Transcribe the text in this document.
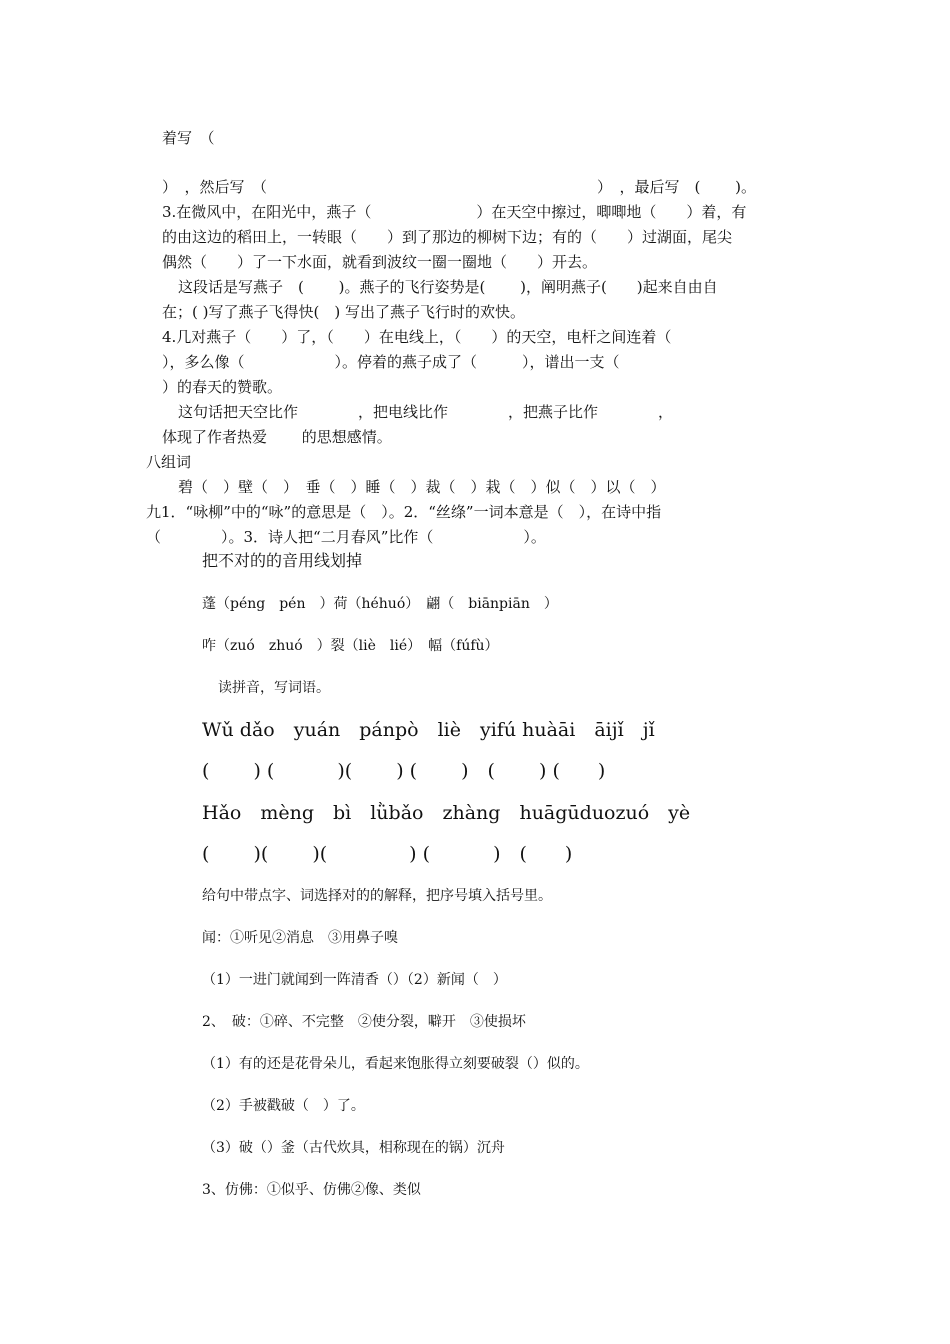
着写　（
）　，然后写　（　　　　　　　　　　　　　　　　　　　　　　）　，最后写　(　　 )。
3.在微风中，在阳光中，燕子（　　　　　　　）在天空中擦过，唧唧地（　　）着，有
的由这边的稻田上，一转眼（　　）到了那边的柳树下边；有的（　　）过湖面，尾尖
偶然（　　）了一下水面，就看到波纹一圈一圈地（　　）开去。
这段话是写燕子　(　　 )。燕子的飞行姿势是(　　 )，阐明燕子(　　)起来自由自
在；( )写了燕子飞得快(　) 写出了燕子飞行时的欢快。
4.几对燕子（　　）了，（　　）在电线上，（　　）的天空，电杆之间连着（
），多么像（　　　　　　）。停着的燕子成了（　　　），谱出一支（
）的春天的赞歌。
这句话把天空比作　　　　，把电线比作　　　　，把燕子比作　　　　，
体现了作者热爱　　 的思想感情。
八组词
碧（　）壁（　）　垂（　）睡（　）裁（　）栽（　）似（　）以（　）
九1．“咏柳”中的“咏”的意思是（　）。2．“丝绦”一词本意是（　），在诗中指
（　　　　）。3．诗人把“二月春风”比作（　　　　　　）。
把不对的的音用线划掉
蓬（péng　pén　）荷（héhuó）　翩（　biānpiān　）
咋（zuó　zhuó　）裂（liè　lié）　幅（fúfù）
读拼音，写词语。
Wǔ dǎo　yuán　pánpò　liè　yifú huàāi　āijǐ　jǐ
(　　 ) (　　　 )(　　 ) (　　 )　(　　 ) (　　)
Hǎo　mèng　bì　lǜbǎo　zhàng　huāgūduozuó　yè
(　　 )(　　 )(　　　　 ) (　　　 )　(　　)
给句中带点字、词选择对的的解释，把序号填入括号里。
闻：①听见②消息　③用鼻子嗅
（1）一进门就闻到一阵清香（）（2）新闻（　）
2、　破：①碎、不完整　②使分裂，噼开　③使损坏
（1）有的还是花骨朵儿，看起来饱胀得立刻要破裂（）似的。
（2）手被戳破（　）了。
（3）破（）釜（古代炊具，相称现在的锅）沉舟
3、仿佛：①似乎、仿佛②像、类似
